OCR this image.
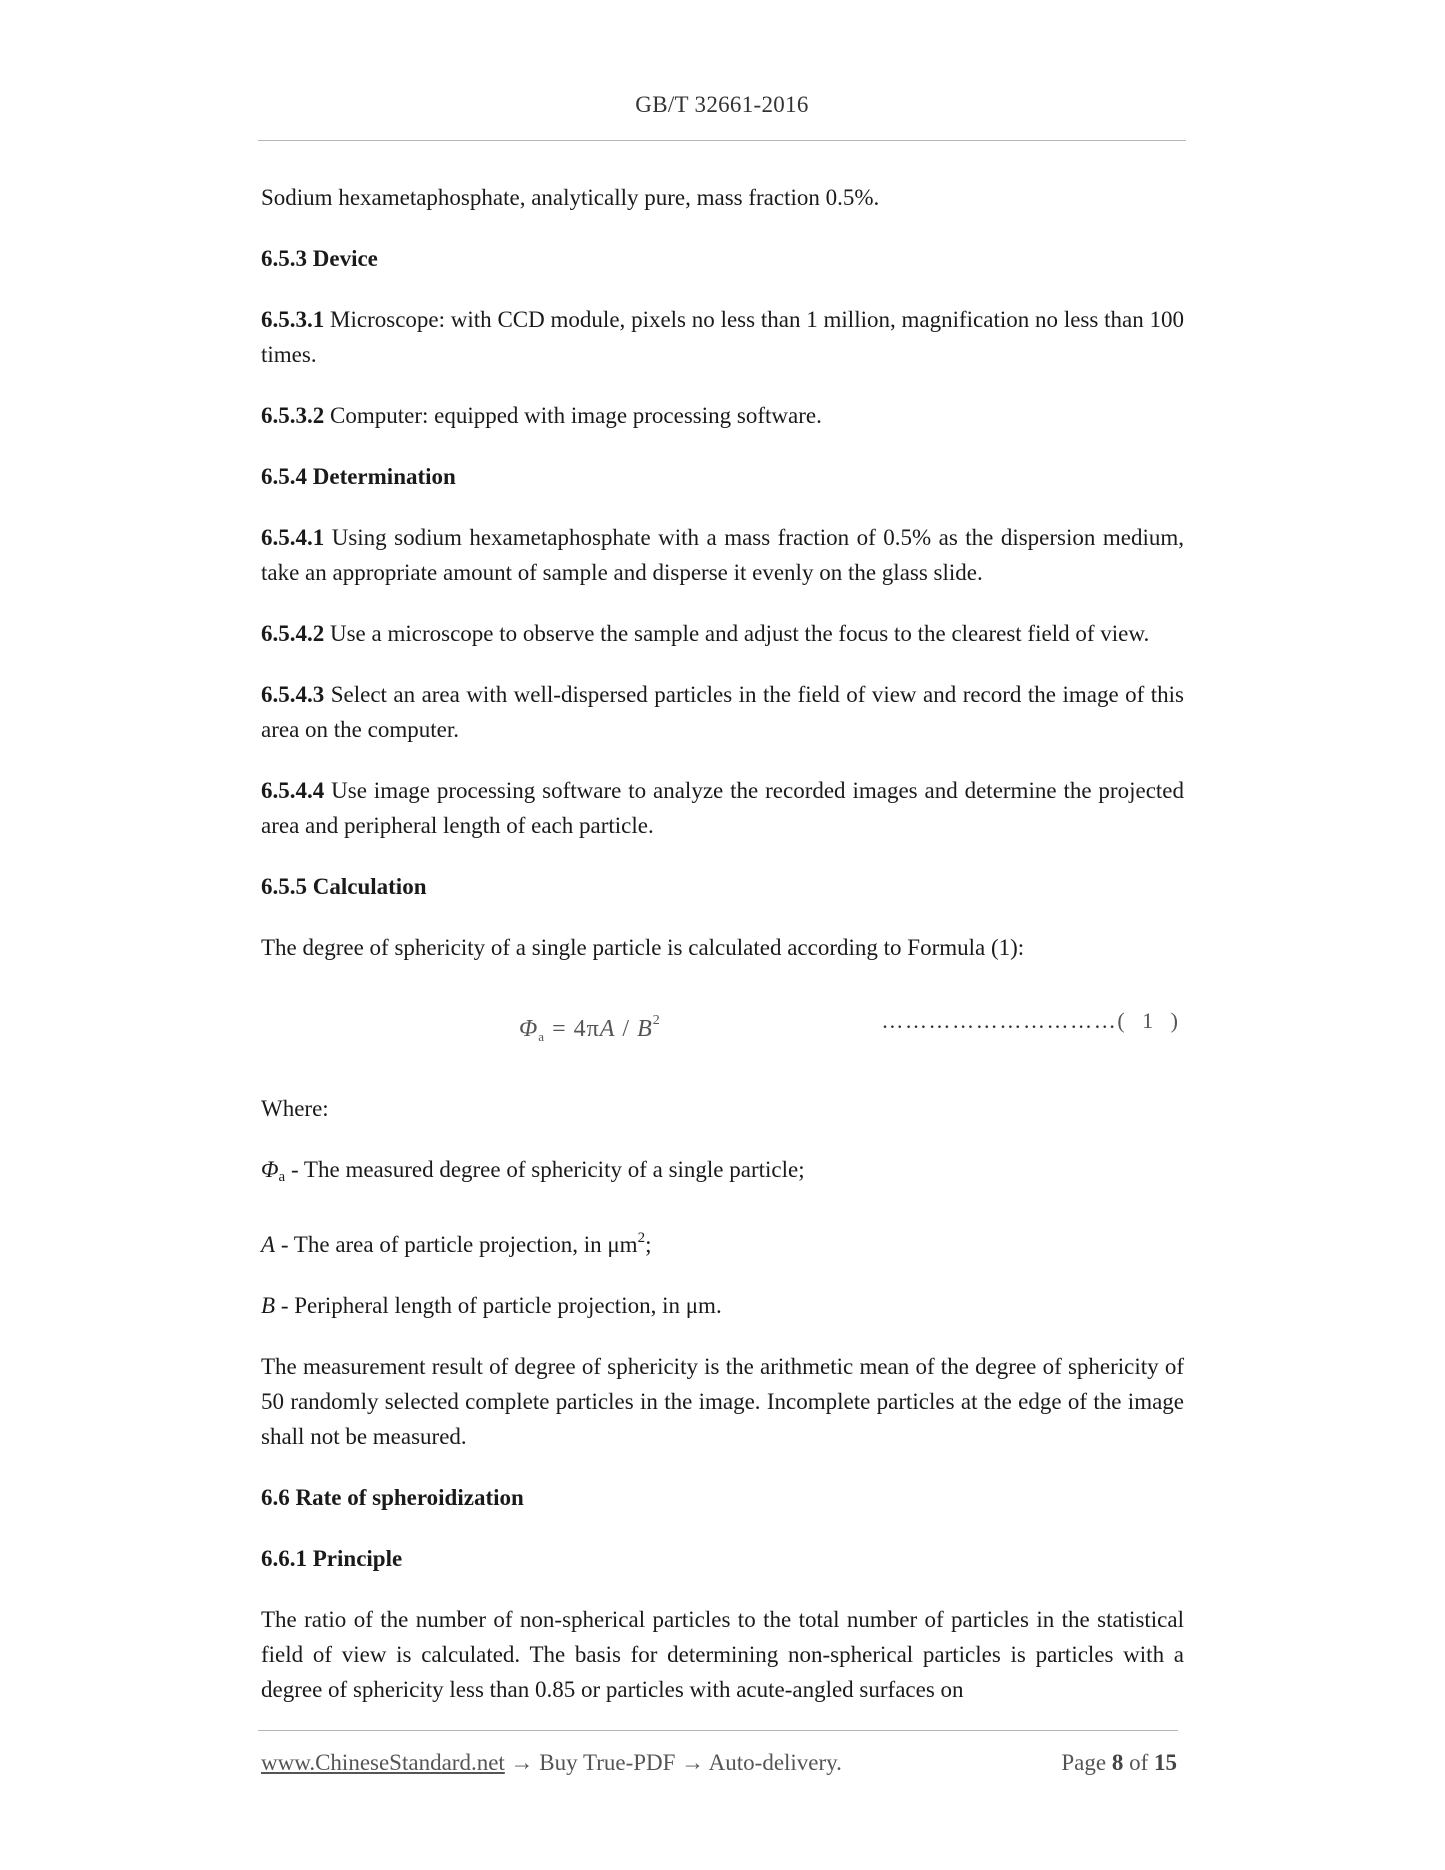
GB/T 32661-2016

Sodium hexametaphosphate, analytically pure, mass fraction 0.5%.

6.5.3 Device

6.5.3.1 Microscope: with CCD module, pixels no less than 1 million, magnification no less than 100 times.

6.5.3.2 Computer: equipped with image processing software.

6.5.4 Determination

6.5.4.1 Using sodium hexametaphosphate with a mass fraction of 0.5% as the dispersion medium, take an appropriate amount of sample and disperse it evenly on the glass slide.

6.5.4.2 Use a microscope to observe the sample and adjust the focus to the clearest field of view.

6.5.4.3 Select an area with well-dispersed particles in the field of view and record the image of this area on the computer.

6.5.4.4 Use image processing software to analyze the recorded images and determine the projected area and peripheral length of each particle.

6.5.5 Calculation

The degree of sphericity of a single particle is calculated according to Formula (1):

$\Phi_a = 4\pi A / B^2$	…………………………( 1 )

Where:

Φa - The measured degree of sphericity of a single particle;

A - The area of particle projection, in $\mu m^2$;

B - Peripheral length of particle projection, in μm.

The measurement result of degree of sphericity is the arithmetic mean of the degree of sphericity of 50 randomly selected complete particles in the image. Incomplete particles at the edge of the image shall not be measured.

6.6 Rate of spheroidization

6.6.1 Principle

The ratio of the number of non-spherical particles to the total number of particles in the statistical field of view is calculated. The basis for determining non-spherical particles is particles with a degree of sphericity less than 0.85 or particles with acute-angled surfaces on

www.ChineseStandard.net → Buy True-PDF → Auto-delivery.	Page 8 of 15
